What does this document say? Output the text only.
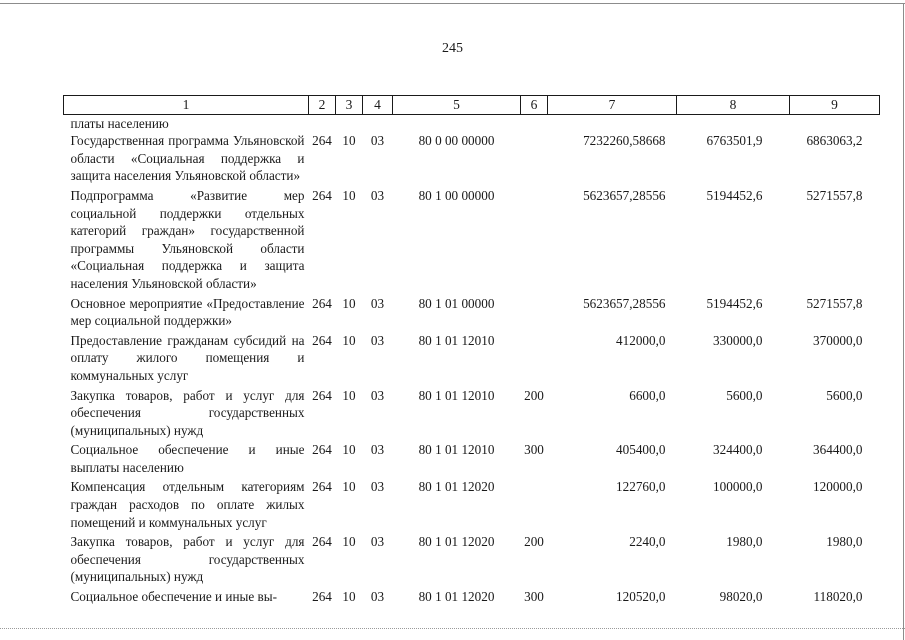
245
1	2	3	4	5	6	7	8	9
платы населению								
Государственная программа Ульяновской области «Социальная поддержка и защита населения Ульяновской области»	264	10	03	80 0 00 00000		7232260,58668	6763501,9	6863063,2
Подпрограмма «Развитие мер социальной поддержки отдельных категорий граждан» государственной программы Ульяновской области «Социальная поддержка и защита населения Ульяновской области»	264	10	03	80 1 00 00000		5623657,28556	5194452,6	5271557,8
Основное мероприятие «Предоставление мер социальной поддержки»	264	10	03	80 1 01 00000		5623657,28556	5194452,6	5271557,8
Предоставление гражданам субсидий на оплату жилого помещения и коммунальных услуг	264	10	03	80 1 01 12010		412000,0	330000,0	370000,0
Закупка товаров, работ и услуг для обеспечения государственных (муниципальных) нужд	264	10	03	80 1 01 12010	200	6600,0	5600,0	5600,0
Социальное обеспечение и иные выплаты населению	264	10	03	80 1 01 12010	300	405400,0	324400,0	364400,0
Компенсация отдельным категориям граждан расходов по оплате жилых помещений и коммунальных услуг	264	10	03	80 1 01 12020		122760,0	100000,0	120000,0
Закупка товаров, работ и услуг для обеспечения государственных (муниципальных) нужд	264	10	03	80 1 01 12020	200	2240,0	1980,0	1980,0
Социальное обеспечение и иные вы-	264	10	03	80 1 01 12020	300	120520,0	98020,0	118020,0
